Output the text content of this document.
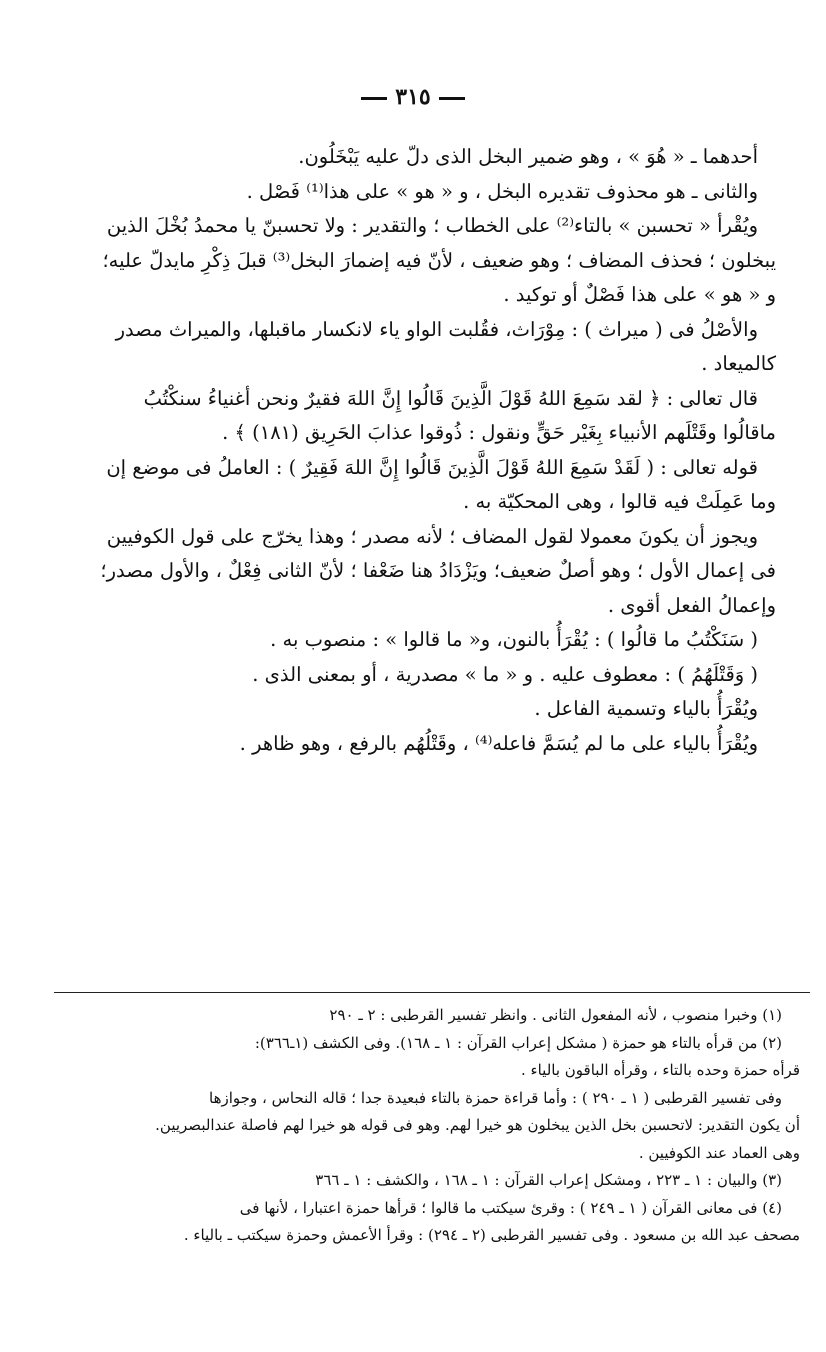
٣١٥

أحدهما ـ « هُوَ » ، وهو ضمير البخل الذى دلّ عليه يَبْخَلُون.

والثانى ـ هو محذوف تقديره البخل ، و « هو » على هذا⁽¹⁾ فَصْل .

ويُقْرأ « تحسبن » بالتاء⁽²⁾ على الخطاب ؛ والتقدير : ولا تحسبنّ يا محمدُ بُخْلَ الذين

يبخلون ؛ فحذف المضاف ؛ وهو ضعيف ، لأنّ فيه إضمارَ البخل⁽³⁾ قبلَ ذِكْرِ مايدلّ عليه؛

و « هو » على هذا فَصْلٌ أو توكيد .

والأصْلُ فى ( ميراث ) : مِوْرَاث، فقُلبت الواو ياء لانكسار ماقبلها، والميراث مصدر

كالميعاد .

قال تعالى : ﴿ لقد سَمِعَ اللهُ قَوْلَ الَّذِينَ قَالُوا إِنَّ اللهَ فقيرٌ ونحن أغنياءُ سنكْتُبُ

ماقالُوا وقَتْلَهم الأنبياء بِغَيْر حَقٍّ ونقول : ذُوقوا عذابَ الحَرِيق (١٨١) ﴾ .

قوله تعالى : ( لَقَدْ سَمِعَ اللهُ قَوْلَ الَّذِينَ قَالُوا إِنَّ اللهَ فَقِيرٌ ) : العاملُ فى موضع إن

وما عَمِلَتْ فيه قالوا ، وهى المحكيّة به .

ويجوز أن يكونَ معمولا لقول المضاف ؛ لأنه مصدر ؛ وهذا يخرّج على قول الكوفيين

فى إعمال الأول ؛ وهو أصلٌ ضعيف؛ ويَزْدَادُ هنا ضَعْفا ؛ لأنّ الثانى فِعْلٌ ، والأول مصدر؛

وإعمالُ الفعل أقوى .

( سَنَكْتُبُ ما قالُوا ) : يُقْرَأُ بالنون، و« ما قالوا » : منصوب به .

( وَقَتْلَهُمُ ) : معطوف عليه . و « ما » مصدرية ، أو بمعنى الذى .

ويُقْرَأُ بالياء وتسمية الفاعل .

ويُقْرَأُ بالياء على ما لم يُسَمَّ فاعله⁽⁴⁾ ، وقَتْلُهُم بالرفع ، وهو ظاهر .

(١) وخبرا منصوب ، لأنه المفعول الثانى . وانظر تفسير القرطبى : ٢ ـ ٢٩٠

(٢) من قرأه بالتاء هو حمزة ( مشكل إعراب القرآن : ١ ـ ١٦٨). وفى الكشف (١ـ٣٦٦):

قرأه حمزة وحده بالتاء ، وقرأه الباقون بالياء .

وفى تفسير القرطبى ( ١ ـ ٢٩٠ ) : وأما قراءة حمزة بالتاء فبعيدة جدا ؛ قاله النحاس ، وجوازها

أن يكون التقدير: لاتحسبن بخل الذين يبخلون هو خيرا لهم. وهو فى قوله هو خيرا لهم فاصلة عندالبصريين.

وهى العماد عند الكوفيين .

(٣) والبيان : ١ ـ ٢٢٣ ، ومشكل إعراب القرآن : ١ ـ ١٦٨ ، والكشف : ١ ـ ٣٦٦

(٤) فى معانى القرآن ( ١ ـ ٢٤٩ ) : وقرئ سيكتب ما قالوا ؛ قرأها حمزة اعتبارا ، لأنها فى

مصحف عبد الله بن مسعود . وفى تفسير القرطبى (٢ ـ ٢٩٤) : وقرأ الأعمش وحمزة سيكتب ـ بالياء .
